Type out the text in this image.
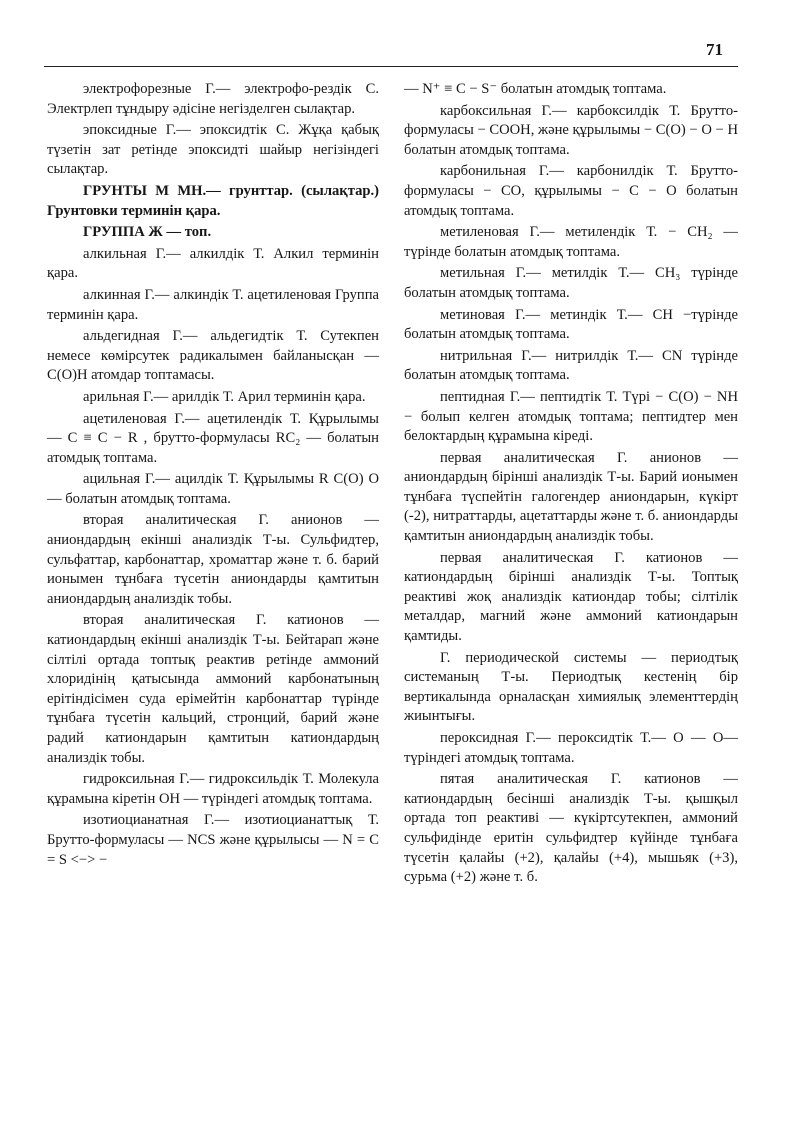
71

электрофорезные Г.— электрофо-рездік С. Электрлеп тұндыру әдісіне негізделген сылақтар.

эпоксидные Г.— эпоксидтік С. Жұқа қабық түзетін зат ретінде эпоксидті шайыр негізіндегі сылақтар.

ГРУНТЫ М МН.— грунттар. (сылақтар.) Грунтовки терминін қара.

ГРУППА Ж — топ.

алкильная Г.— алкилдік Т. Алкил терминін қара.

алкинная Г.— алкиндік Т. ацетиленовая Группа терминін қара.

альдегидная Г.— альдегидтік Т. Сутекпен немесе көмірсутек радикалымен байланысқан — С(О)Н атомдар топтамасы.

арильная Г.— арилдік Т. Арил терминін қара.

ацетиленовая Г.— ацетилендік Т. Құрылымы — С ≡ С − R , брутто-формуласы RC₂ — болатын атомдық топтама.

ацильная Г.— ацилдік Т. Құрылымы R C(O) O — болатын атомдық топтама.

вторая аналитическая Г. анионов — аниондардың екінші анализдік Т-ы. Сульфидтер, сульфаттар, карбонаттар, хроматтар және т. б. барий ионымен тұнбаға түсетін аниондарды қамтитын аниондардың анализдік тобы.

вторая аналитическая Г. катионов — катиондардың екінші анализдік Т-ы. Бейтарап және сілтілі ортада топтық реактив ретінде аммоний хлоридінің қатысында аммоний карбонатының ерітіндісімен суда ерімейтін карбонаттар түрінде тұнбаға түсетін кальций, стронций, барий және радий катиондарын қамтитын катиондардың анализдік тобы.

гидроксильная Г.— гидроксильдік Т. Молекула құрамына кіретін ОН — түріндегі атомдық топтама.

изотиоцианатная Г.— изотиоцианаттық Т. Брутто-формуласы — NCS және құрылысы — N = C = S <−> −

— N⁺ ≡ C − S⁻ болатын атомдық топтама.

карбоксильная Г.— карбоксилдік Т. Брутто-формуласы − СООН, және құрылымы − С(О) − О − Н болатын атомдық топтама.

карбонильная Г.— карбонилдік Т. Брутто-формуласы − СО, құрылымы − С − О болатын атомдық топтама.

метиленовая Г.— метилендік Т. − СН₂ — түрінде болатын атомдық топтама.

метильная Г.— метилдік Т.— СН₃ түрінде болатын атомдық топтама.

метиновая Г.— метиндік Т.— СН −түрінде болатын атомдық топтама.

нитрильная Г.— нитрилдік Т.— СN түрінде болатын атомдық топтама.

пептидная Г.— пептидтік Т. Түрі − С(О) − NH − болып келген атомдық топтама; пептидтер мен белоктардың құрамына кіреді.

первая аналитическая Г. анионов — аниондардың бірінші анализдік Т-ы. Барий ионымен тұнбаға түспейтін галогендер аниондарын, күкірт (-2), нитраттарды, ацетаттарды және т. б. аниондарды қамтитын аниондардың анализдік тобы.

первая аналитическая Г. катионов — катиондардың бірінші анализдік Т-ы. Топтық реактиві жоқ анализдік катиондар тобы; сілтілік металдар, магний және аммоний катиондарын қамтиды.

Г. периодической системы — периодтық системаның Т-ы. Периодтық кестенің бір вертикалында орналасқан химиялық элементтердің жиынтығы.

пероксидная Г.— пероксидтік Т.— О — О— түріндегі атомдық топтама.

пятая аналитическая Г. катионов — катиондардың бесінші анализдік Т-ы. қышқыл ортада топ реактиві — күкіртсутекпен, аммоний сульфидінде еритін сульфидтер күйінде тұнбаға түсетін қалайы (+2), қалайы (+4), мышьяк (+3), сурьма (+2) және т. б.
